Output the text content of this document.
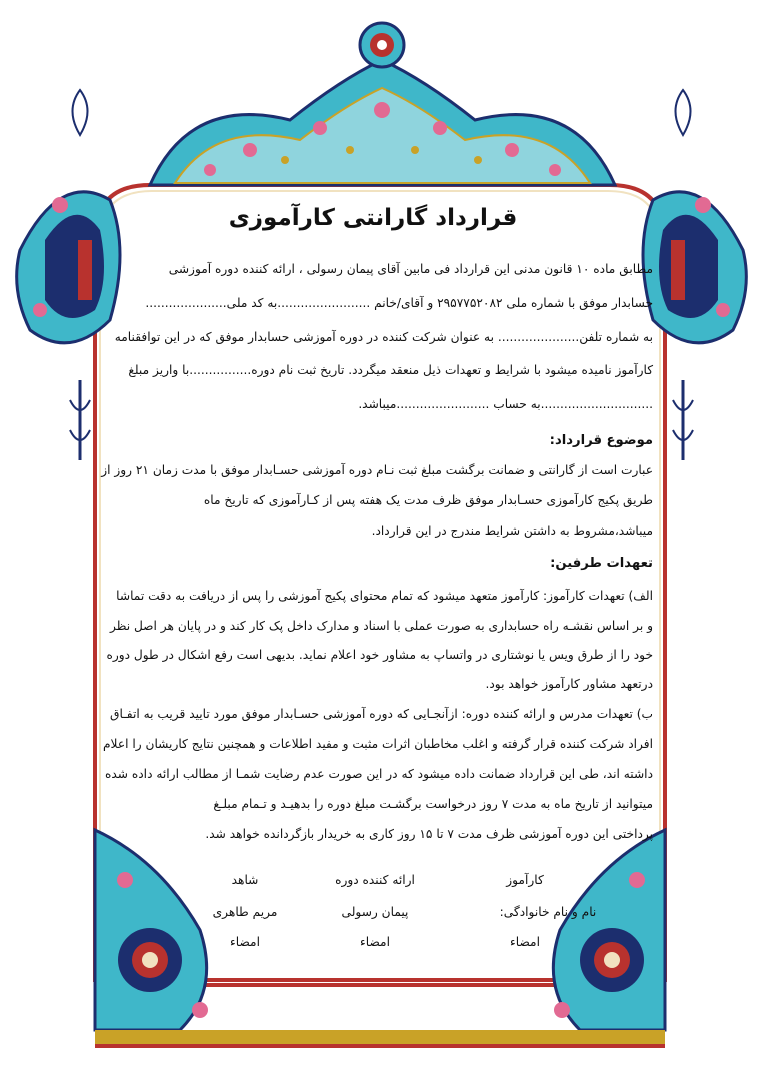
قرارداد گارانتی کارآموزی
مطابق ماده ۱۰ قانون مدنی این قرارداد فی مابین آقای پیمان رسولی ، ارائه کننده دوره آموزشی
حسابدار موفق با شماره ملی ۲۹۵۷۷۵۲۰۸۲ و آقای/خانم ........................به کد ملی.....................
به شماره تلفن..................... به عنوان شرکت کننده در دوره آموزشی حسابدار موفق که در این توافقنامه
کارآموز نامیده میشود با شرایط و تعهدات ذیل منعقد میگردد. تاریخ ثبت نام دوره................با واریز مبلغ
.............................به حساب ........................میباشد.
موضوع قرارداد:
عبارت است از گارانتی و ضمانت برگشت مبلغ ثبت نـام دوره آموزشی حسـابدار موفق با مدت زمان ۲۱ روز از
طریق پکیج کارآموزی حسـابدار موفق ظرف مدت یک هفته پس از کـارآموزی که تاریخ ماه
میباشد،مشروط به داشتن شرایط مندرج در این قرارداد.
تعهدات طرفین:
الف) تعهدات کارآموز: کارآموز متعهد میشود که تمام محتوای پکیج آموزشی را پس از دریافت به دقت تماشا
و بر اساس نقشـه راه حسابداری به صورت عملی با اسناد و مدارک داخل پک کار کند و در پایان هر اصل نظر
خود را از طرق ویس یا نوشتاری در واتساپ به مشاور خود اعلام نماید. بدیهی است رفع اشکال در طول دوره
درتعهد مشاور کارآموز خواهد بود.
ب) تعهدات مدرس و ارائه کننده دوره: ازآنجـایی که دوره آموزشی حسـابدار موفق مورد تایید قریب به اتفـاق
افراد شرکت کننده قرار گرفته و اغلب مخاطبان اثرات مثبت و مفید اطلاعات و همچنین نتایج کاریشان را اعلام
داشته اند، طی این قرارداد ضمانت داده میشود که در این صورت عدم رضایت شمـا از مطالب ارائه داده شده
میتوانید از تاریخ ماه به مدت ۷ روز درخواست برگشـت مبلغ دوره را بدهیـد و تـمام مبلـغ
پرداختی این دوره آموزشی ظرف مدت ۷ تا ۱۵ روز کاری به خریدار بازگردانده خواهد شد.
کارآموز
ارائه کننده دوره
شاهد
نام و نام خانوادگی:
پیمان رسولی
مریم طاهری
امضاء
امضاء
امضاء
